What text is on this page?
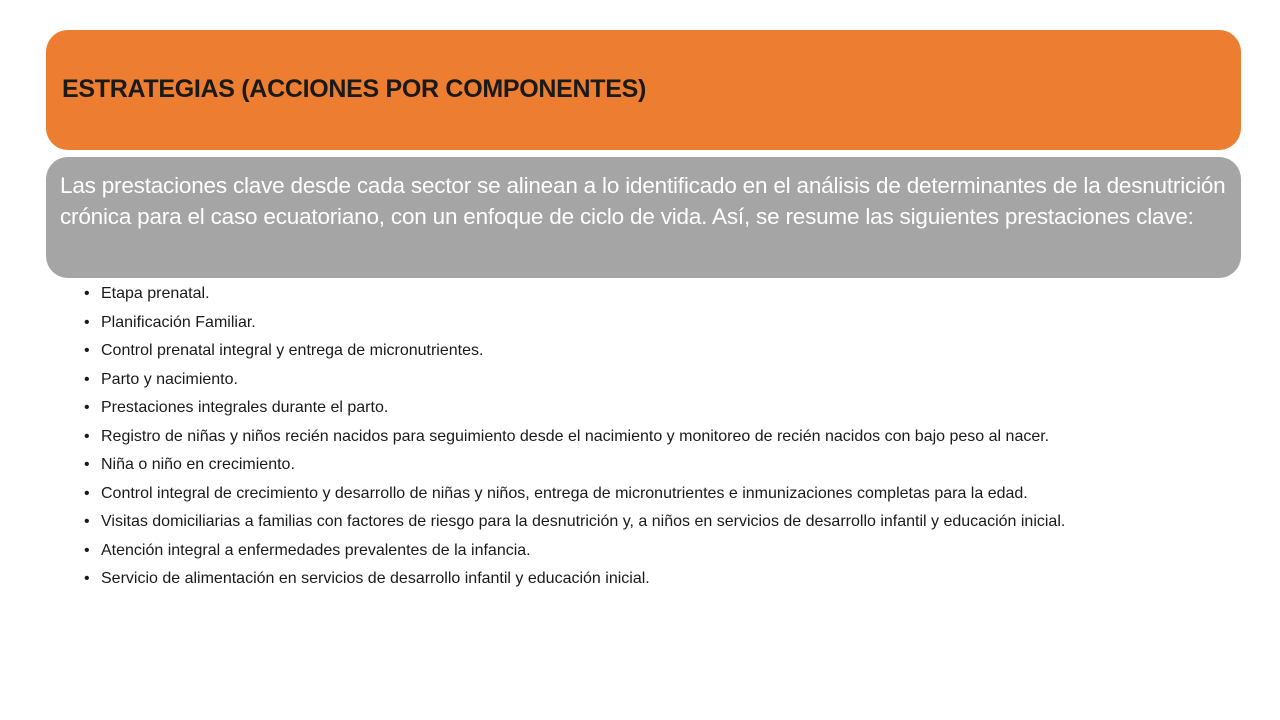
ESTRATEGIAS (ACCIONES POR COMPONENTES)
Las prestaciones clave desde cada sector se alinean a lo identificado en el análisis de determinantes de la desnutrición crónica para el caso ecuatoriano, con un enfoque de ciclo de vida. Así, se resume las siguientes prestaciones clave:
• Etapa prenatal.
• Planificación Familiar.
• Control prenatal integral y entrega de micronutrientes.
• Parto y nacimiento.
• Prestaciones integrales durante el parto.
• Registro de niñas y niños recién nacidos para seguimiento desde el nacimiento y monitoreo de recién nacidos con bajo peso al nacer.
• Niña o niño en crecimiento.
• Control integral de crecimiento y desarrollo de niñas y niños, entrega de micronutrientes e inmunizaciones completas para la edad.
• Visitas domiciliarias a familias con factores de riesgo para la desnutrición y, a niños en servicios de desarrollo infantil y educación inicial.
• Atención integral a enfermedades prevalentes de la infancia.
• Servicio de alimentación en servicios de desarrollo infantil y educación inicial.
